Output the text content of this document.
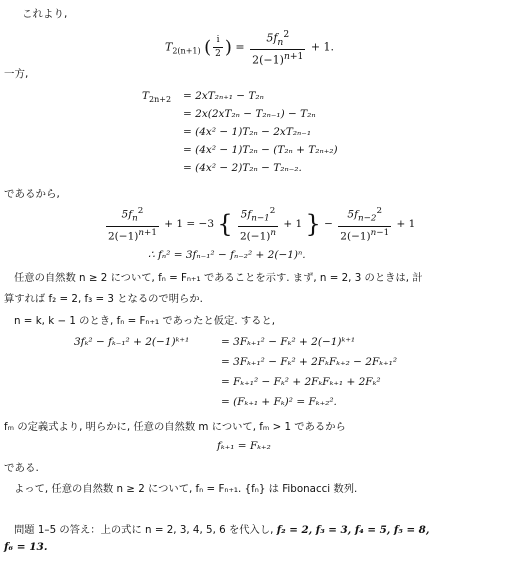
これより,
$T_{2(n+1)}$ ( $\frac{i}{2}$ ) = $\frac{5f_n^2}{2(-1)^{n+1}} + 1$.
一方,
$T_{2n+2} = 2xT_{2n+1} - T_{2n}$
= 2x(2xT₂ₙ − T₂ₙ₋₁) − T₂ₙ
= (4x² − 1)T₂ₙ − 2xT₂ₙ₋₁
= (4x² − 1)T₂ₙ − (T₂ₙ + T₂ₙ₊₂)
= (4x² − 2)T₂ₙ − T₂ₙ₋₂.
であるから,
$\frac{5f_n^2}{2(-1)^{n+1}} + 1 = -3$ { $\frac{5f_{n-1}^2}{2(-1)^n} + 1$ } − $\frac{5f_{n-2}^2}{2(-1)^{n-1}} + 1$
∴ fₙ² = 3fₙ₋₁² − fₙ₋₂² + 2(−1)ⁿ.
任意の自然数 n ≥ 2 について, fₙ = Fₙ₊₁ であることを示す. まず, n = 2, 3 のときは, 計
算すれば f₂ = 2, f₃ = 3 となるので明らか.
n = k, k − 1 のとき, fₙ = Fₙ₊₁ であったと仮定. すると,
3fₖ² − fₖ₋₁² + 2(−1)ᵏ⁺¹	= 3Fₖ₊₁² − Fₖ² + 2(−1)ᵏ⁺¹
= 3Fₖ₊₁² − Fₖ² + 2FₖFₖ₊₂ − 2Fₖ₊₁²
= Fₖ₊₁² − Fₖ² + 2FₖFₖ₊₁ + 2Fₖ²
= (Fₖ₊₁ + Fₖ)² = Fₖ₊₂².
fₘ の定義式より, 明らかに, 任意の自然数 m について, fₘ > 1 であるから
fₖ₊₁ = Fₖ₊₂
である.
よって, 任意の自然数 n ≥ 2 について, fₙ = Fₙ₊₁. {fₙ} は Fibonacci 数列.
問題 1–5 の答え：上の式に n = 2, 3, 4, 5, 6 を代入し, f₂ = 2, f₃ = 3, f₄ = 5, f₅ = 8,
f₆ = 13.
